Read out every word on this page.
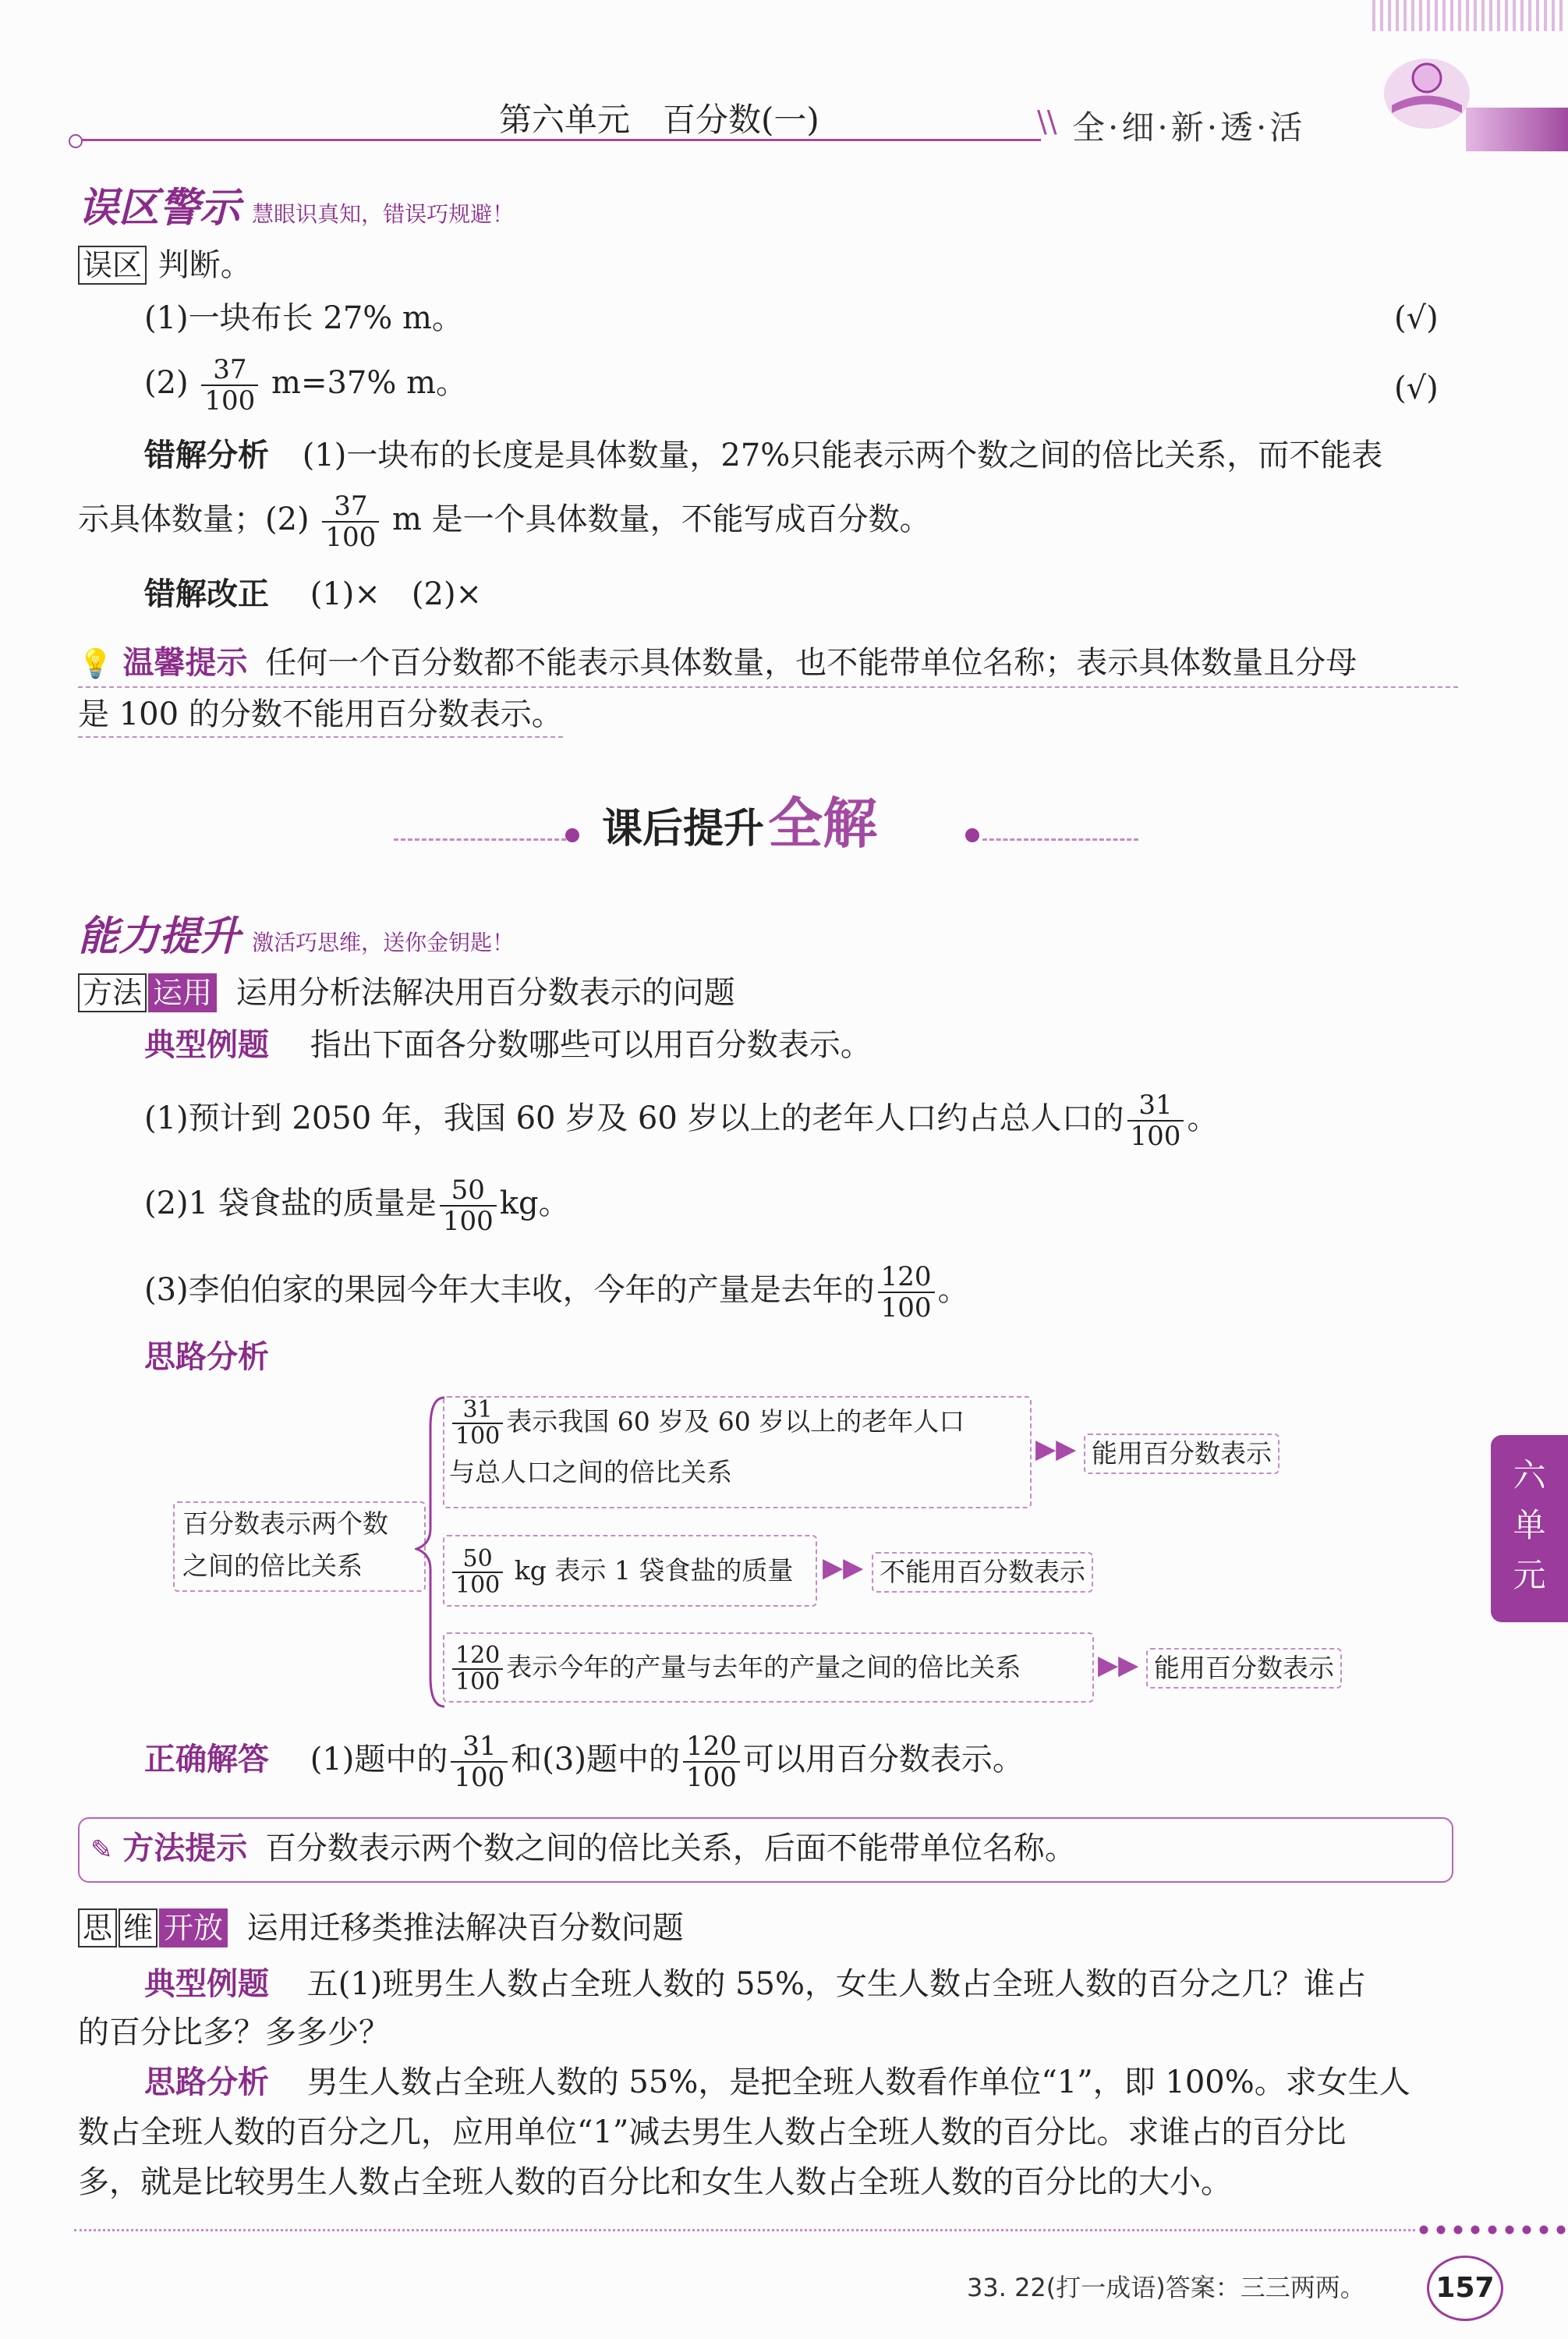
第六单元　百分数(一)	\\ 全·细·新·透·活
误区警示 慧眼识真知，错误巧规避！
误区 判断。
(1)一块布长 27% m。	(√)
$(2) \frac{37}{100} m=37\%$ m。	(√)
错解分析 (1)一块布的长度是具体数量，27%只能表示两个数之间的倍比关系，而不能表
示具体数量；$(2) \frac{37}{100}$ m 是一个具体数量，不能写成百分数。
错解改正 (1)×　(2)×
💡 温馨提示 任何一个百分数都不能表示具体数量，也不能带单位名称；表示具体数量且分母
是 100 的分数不能用百分数表示。
课后提升 全解
能力提升 激活巧思维，送你金钥匙！
方法 运用 运用分析法解决用百分数表示的问题
典型例题 指出下面各分数哪些可以用百分数表示。
(1)预计到 2050 年，我国 60 岁及 60 岁以上的老年人口约占总人口的 $\frac{31}{100}$ 。
(2)1 袋食盐的质量是 $\frac{50}{100}$ kg。
(3)李伯伯家的果园今年大丰收，今年的产量是去年的 $\frac{120}{100}$ 。
思路分析
百分数表示两个数
之间的倍比关系
$\frac{31}{100}$ 表示我国 60 岁及 60 岁以上的老年人口
与总人口之间的倍比关系
▶▶ 能用百分数表示
$\frac{50}{100}$ kg 表示 1 袋食盐的质量	▶▶ 不能用百分数表示
$\frac{120}{100}$ 表示今年的产量与去年的产量之间的倍比关系	▶▶ 能用百分数表示
正确解答 (1)题中的 $\frac{31}{100}$ 和(3)题中的 $\frac{120}{100}$ 可以用百分数表示。
✎ 方法提示 百分数表示两个数之间的倍比关系，后面不能带单位名称。
思 维 开放 运用迁移类推法解决百分数问题
典型例题 五(1)班男生人数占全班人数的 55%，女生人数占全班人数的百分之几？谁占
的百分比多？多多少？
思路分析 男生人数占全班人数的 55%，是把全班人数看作单位“1”，即 100%。求女生人
数占全班人数的百分之几，应用单位“1”减去男生人数占全班人数的百分比。求谁占的百分比
多，就是比较男生人数占全班人数的百分比和女生人数占全班人数的百分比的大小。
六
单
元
33. 22(打一成语)答案：三三两两。	157
